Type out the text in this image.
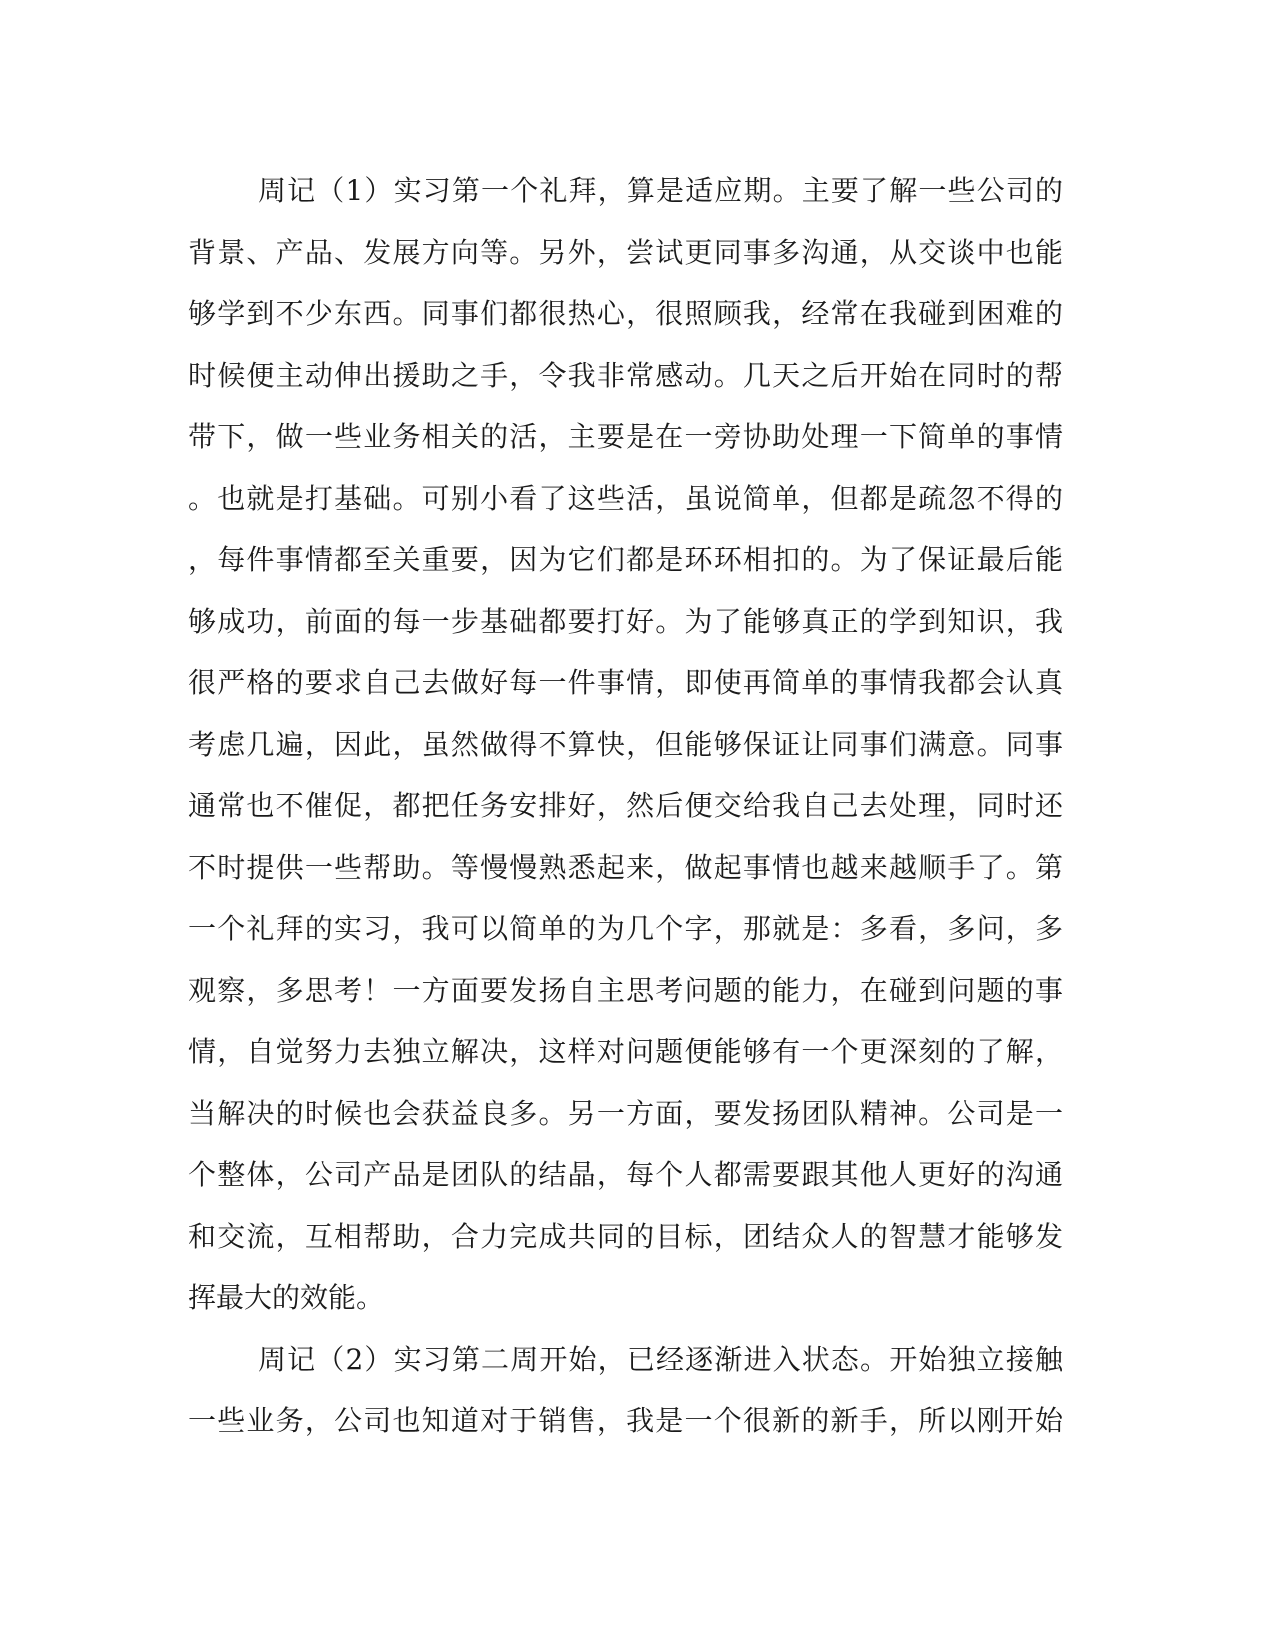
周记（1）实习第一个礼拜，算是适应期。主要了解一些公司的
背景、产品、发展方向等。另外，尝试更同事多沟通，从交谈中也能
够学到不少东西。同事们都很热心，很照顾我，经常在我碰到困难的
时候便主动伸出援助之手，令我非常感动。几天之后开始在同时的帮
带下，做一些业务相关的活，主要是在一旁协助处理一下简单的事情
。也就是打基础。可别小看了这些活，虽说简单，但都是疏忽不得的
，每件事情都至关重要，因为它们都是环环相扣的。为了保证最后能
够成功，前面的每一步基础都要打好。为了能够真正的学到知识，我
很严格的要求自己去做好每一件事情，即使再简单的事情我都会认真
考虑几遍，因此，虽然做得不算快，但能够保证让同事们满意。同事
通常也不催促，都把任务安排好，然后便交给我自己去处理，同时还
不时提供一些帮助。等慢慢熟悉起来，做起事情也越来越顺手了。第
一个礼拜的实习，我可以简单的为几个字，那就是：多看，多问，多
观察，多思考！一方面要发扬自主思考问题的能力，在碰到问题的事
情，自觉努力去独立解决，这样对问题便能够有一个更深刻的了解，
当解决的时候也会获益良多。另一方面，要发扬团队精神。公司是一
个整体，公司产品是团队的结晶，每个人都需要跟其他人更好的沟通
和交流，互相帮助，合力完成共同的目标，团结众人的智慧才能够发
挥最大的效能。
周记（2）实习第二周开始，已经逐渐进入状态。开始独立接触
一些业务，公司也知道对于销售，我是一个很新的新手，所以刚开始
